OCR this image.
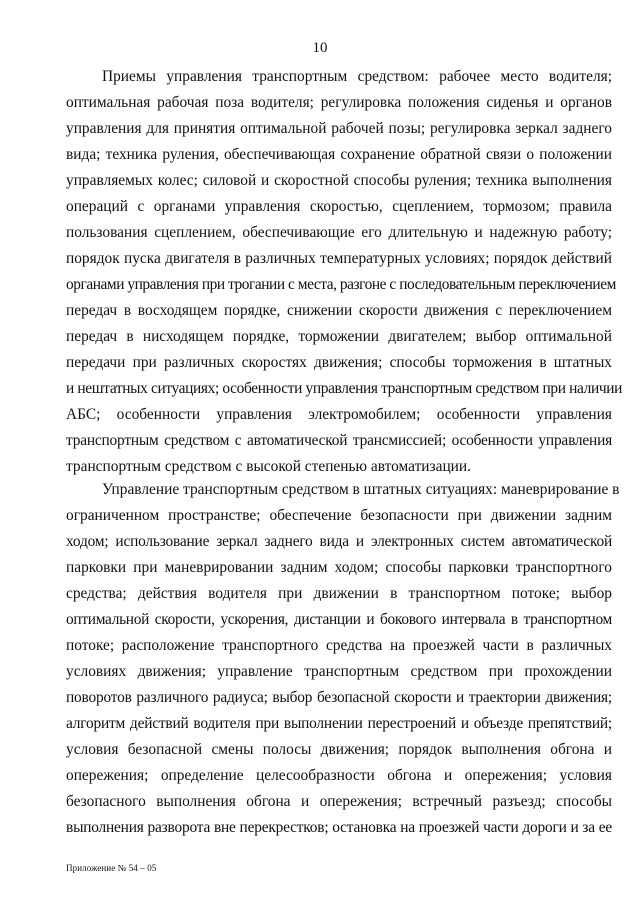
10
Приемы управления транспортным средством: рабочее место водителя;
оптимальная рабочая поза водителя; регулировка положения сиденья и органов
управления для принятия оптимальной рабочей позы; регулировка зеркал заднего
вида; техника руления, обеспечивающая сохранение обратной связи о положении
управляемых колес; силовой и скоростной способы руления; техника выполнения
операций с органами управления скоростью, сцеплением, тормозом; правила
пользования сцеплением, обеспечивающие его длительную и надежную работу;
порядок пуска двигателя в различных температурных условиях; порядок действий
органами управления при трогании с места, разгоне с последовательным переключением
передач в восходящем порядке, снижении скорости движения с переключением
передач в нисходящем порядке, торможении двигателем; выбор оптимальной
передачи при различных скоростях движения; способы торможения в штатных
и нештатных ситуациях; особенности управления транспортным средством при наличии
АБС; особенности управления электромобилем; особенности управления
транспортным средством с автоматической трансмиссией; особенности управления
транспортным средством с высокой степенью автоматизации.
Управление транспортным средством в штатных ситуациях: маневрирование в
ограниченном пространстве; обеспечение безопасности при движении задним
ходом; использование зеркал заднего вида и электронных систем автоматической
парковки при маневрировании задним ходом; способы парковки транспортного
средства; действия водителя при движении в транспортном потоке; выбор
оптимальной скорости, ускорения, дистанции и бокового интервала в транспортном
потоке; расположение транспортного средства на проезжей части в различных
условиях движения; управление транспортным средством при прохождении
поворотов различного радиуса; выбор безопасной скорости и траектории движения;
алгоритм действий водителя при выполнении перестроений и объезде препятствий;
условия безопасной смены полосы движения; порядок выполнения обгона и
опережения; определение целесообразности обгона и опережения; условия
безопасного выполнения обгона и опережения; встречный разъезд; способы
выполнения разворота вне перекрестков; остановка на проезжей части дороги и за ее
Приложение № 54 – 05
